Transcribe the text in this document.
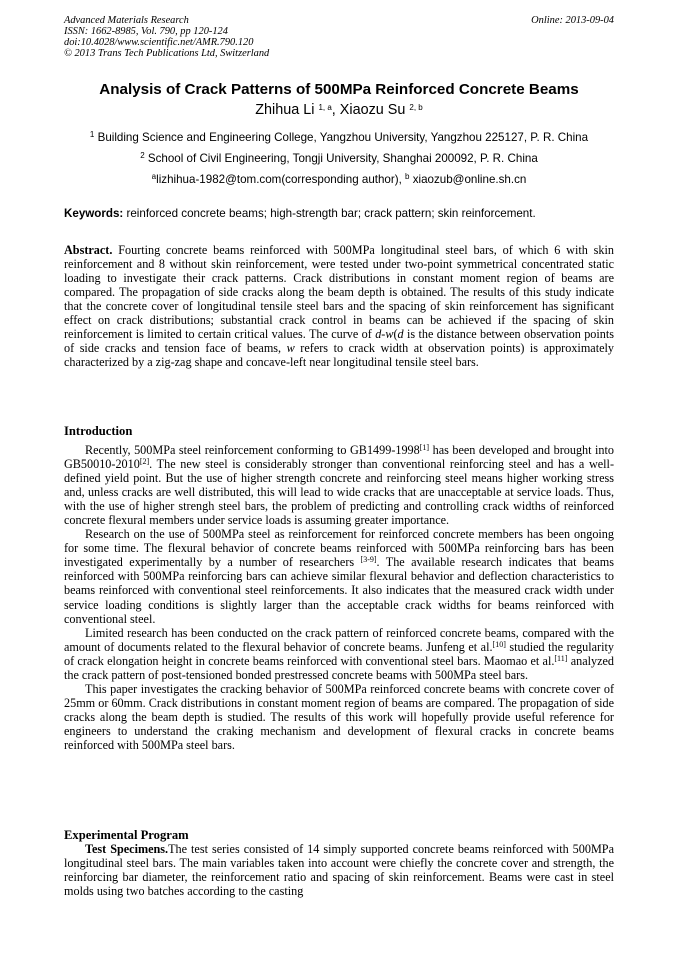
Advanced Materials Research
ISSN: 1662-8985, Vol. 790, pp 120-124
doi:10.4028/www.scientific.net/AMR.790.120
© 2013 Trans Tech Publications Ltd, Switzerland
Online: 2013-09-04
Analysis of Crack Patterns of 500MPa Reinforced Concrete Beams
Zhihua Li $^{1, a}$, Xiaozu Su $^{2, b}$
$^1$ Building Science and Engineering College, Yangzhou University, Yangzhou 225127, P. R. China
$^2$ School of Civil Engineering, Tongji University, Shanghai 200092, P. R. China
$^a$lizhihua-1982@tom.com(corresponding author), $^b$ xiaozub@online.sh.cn
Keywords: reinforced concrete beams; high-strength bar; crack pattern; skin reinforcement.

Abstract. Fourting concrete beams reinforced with 500MPa longitudinal steel bars, of which 6 with skin reinforcement and 8 without skin reinforcement, were tested under two-point symmetrical concentrated static loading to investigate their crack patterns. Crack distributions in constant moment region of beams are compared. The propagation of side cracks along the beam depth is obtained. The results of this study indicate that the concrete cover of longitudinal tensile steel bars and the spacing of skin reinforcement has significant effect on crack distributions; substantial crack control in beams can be achieved if the spacing of skin reinforcement is limited to certain critical values. The curve of d-w(d is the distance between observation points of side cracks and tension face of beams, w refers to crack width at observation points) is approximately characterized by a zig-zag shape and concave-left near longitudinal tensile steel bars.

Introduction

Recently, 500MPa steel reinforcement conforming to GB1499-1998[1] has been developed and brought into GB50010-2010[2]. The new steel is considerably stronger than conventional reinforcing steel and has a well-defined yield point. But the use of higher strength concrete and reinforcing steel means higher working stress and, unless cracks are well distributed, this will lead to wide cracks that are unacceptable at service loads. Thus, with the use of higher strengh steel bars, the problem of predicting and controlling crack widths of reinforced concrete flexural members under service loads is assuming greater importance.

Research on the use of 500MPa steel as reinforcement for reinforced concrete members has been ongoing for some time. The flexural behavior of concrete beams reinforced with 500MPa reinforcing bars has been investigated experimentally by a number of researchers [3-9]. The available research indicates that beams reinforced with 500MPa reinforcing bars can achieve similar flexural behavior and deflection characteristics to beams reinforced with conventional steel reinforcements. It also indicates that the measured crack width under service loading conditions is slightly larger than the acceptable crack widths for beams reinforced with conventional steel.

Limited research has been conducted on the crack pattern of reinforced concrete beams, compared with the amount of documents related to the flexural behavior of concrete beams. Junfeng et al.[10] studied the regularity of crack elongation height in concrete beams reinforced with conventional steel bars. Maomao et al.[11] analyzed the crack pattern of post-tensioned bonded prestressed concrete beams with 500MPa steel bars.

This paper investigates the cracking behavior of 500MPa reinforced concrete beams with concrete cover of 25mm or 60mm. Crack distributions in constant moment region of beams are compared. The propagation of side cracks along the beam depth is studied. The results of this work will hopefully provide useful reference for engineers to understand the craking mechanism and development of flexural cracks in concrete beams reinforced with 500MPa steel bars.

Experimental Program

Test Specimens.The test series consisted of 14 simply supported concrete beams reinforced with 500MPa longitudinal steel bars. The main variables taken into account were chiefly the concrete cover and strength, the reinforcing bar diameter, the reinforcement ratio and spacing of skin reinforcement. Beams were cast in steel molds using two batches according to the casting
